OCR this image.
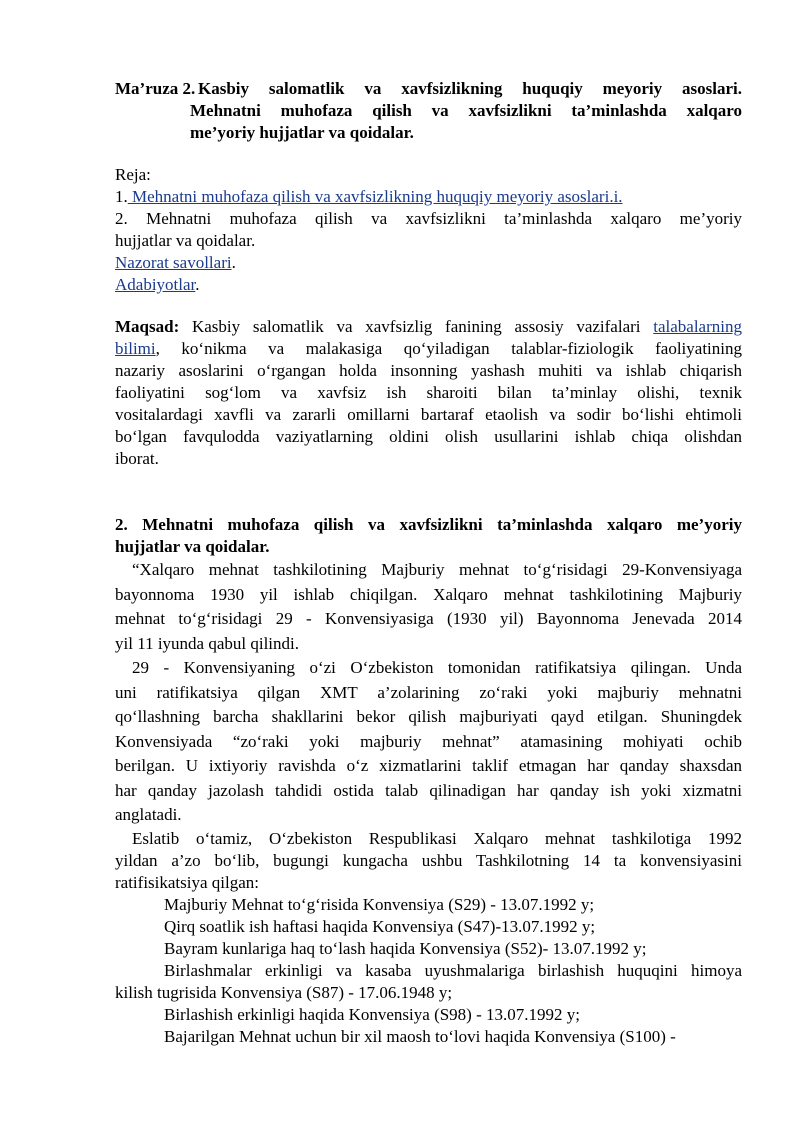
Ma’ruza 2. Kasbiy salomatlik va xavfsizlikning huquqiy meyoriy asoslari.

Mehnatni muhofaza qilish va xavfsizlikni ta’minlashda xalqaro

me’yoriy hujjatlar va qoidalar.

Reja:

1. Mehnatni muhofaza qilish va xavfsizlikning huquqiy meyoriy asoslari.i.

2. Mehnatni muhofaza qilish va xavfsizlikni ta’minlashda xalqaro me’yoriy

hujjatlar va qoidalar.

Nazorat savollari.

Adabiyotlar.

Maqsad: Kasbiy salomatlik va xavfsizlig fanining assosiy vazifalari talabalarning

bilimi, koʻnikma va malakasiga qoʻyiladigan talablar-fiziologik faoliyatining

nazariy asoslarini oʻrgangan holda insonning yashash muhiti va ishlab chiqarish

faoliyatini sogʻlom va xavfsiz ish sharoiti bilan ta’minlay olishi, texnik

vositalardagi xavfli va zararli omillarni bartaraf etaolish va sodir boʻlishi ehtimoli

boʻlgan favqulodda vaziyatlarning oldini olish usullarini ishlab chiqa olishdan

iborat.

2. Mehnatni muhofaza qilish va xavfsizlikni ta’minlashda xalqaro me’yoriy

hujjatlar va qoidalar.

“Xalqaro mehnat tashkilotining Majburiy mehnat toʻgʻrisidagi 29-Konvensiyaga

bayonnoma 1930 yil ishlab chiqilgan. Xalqaro mehnat tashkilotining Majburiy

mehnat toʻgʻrisidagi 29 - Konvensiyasiga (1930 yil) Bayonnoma Jenevada 2014

yil 11 iyunda qabul qilindi.

29 - Konvensiyaning oʻzi Oʻzbekiston tomonidan ratifikatsiya qilingan. Unda

uni ratifikatsiya qilgan XMT a’zolarining zoʻraki yoki majburiy mehnatni

qoʻllashning barcha shakllarini bekor qilish majburiyati qayd etilgan. Shuningdek

Konvensiyada “zoʻraki yoki majburiy mehnat” atamasining mohiyati ochib

berilgan. U ixtiyoriy ravishda oʻz xizmatlarini taklif etmagan har qanday shaxsdan

har qanday jazolash tahdidi ostida talab qilinadigan har qanday ish yoki xizmatni

anglatadi.

Eslatib oʻtamiz, Oʻzbekiston Respublikasi Xalqaro mehnat tashkilotiga 1992

yildan a’zo boʻlib, bugungi kungacha ushbu Tashkilotning 14 ta konvensiyasini

ratifisikatsiya qilgan:

Majburiy Mehnat toʻgʻrisida Konvensiya (S29) - 13.07.1992 y;

Qirq soatlik ish haftasi haqida Konvensiya (S47)-13.07.1992 y;

Bayram kunlariga haq toʻlash haqida Konvensiya (S52)- 13.07.1992 y;

Birlashmalar erkinligi va kasaba uyushmalariga birlashish huquqini himoya

kilish tugrisida Konvensiya (S87) - 17.06.1948 y;

Birlashish erkinligi haqida Konvensiya (S98) - 13.07.1992 y;

Bajarilgan Mehnat uchun bir xil maosh toʻlovi haqida Konvensiya (S100) -
